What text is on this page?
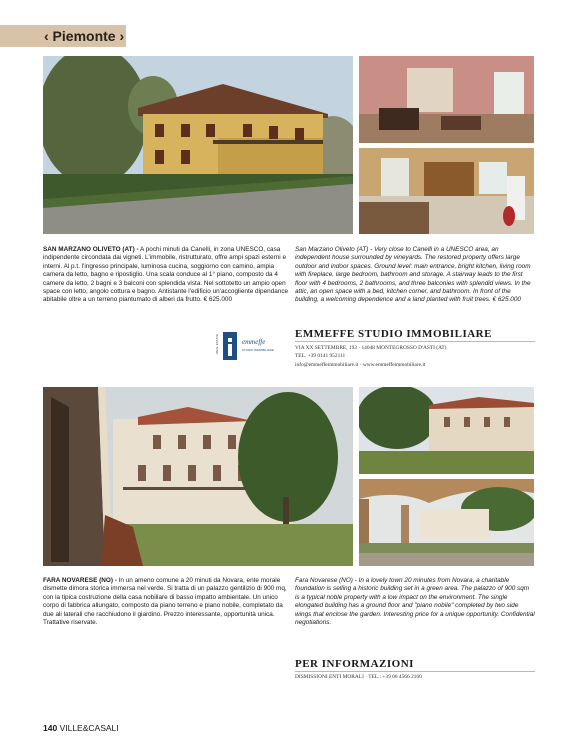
‹ Piemonte ›
SAN MARZANO OLIVETO (AT) - A pochi minuti da Canelli, in zona UNESCO, casa indipendente circondata dai vigneti. L'immobile, ristrutturato, offre ampi spazi esterni e interni. Al p.t. l'ingresso principale, luminosa cucina, soggiorno con camino, ampia camera da letto, bagno e ripostiglio. Una scala conduce al 1° piano, composto da 4 camere da letto, 2 bagni e 3 balconi con splendida vista. Nel sottotetto un ampio open space con letto, angolo cottura e bagno. Antistante l'edificio un'accogliente dipendance abitabile oltre a un terreno piantumato di alberi da frutto. € 625.000
San Marzano Oliveto (AT) - Very close to Canelli in a UNESCO area, an independent house surrounded by vineyards. The restored property offers large outdoor and indoor spaces. Ground level: main entrance, bright kitchen, living room with fireplace, large bedroom, bathroom and storage. A stairway leads to the first floor with 4 bedrooms, 2 bathrooms, and three balconies with splendid views. In the attic, an open space with a bed, kitchen corner, and bathroom. In front of the building, a welcoming dependence and a land planted with fruit trees. € 625.000
REAL ESTATE	emmeffe
STUDIO IMMOBILIARE
EMMEFFE STUDIO IMMOBILIARE
VIA XX SETTEMBRE, 193 · 14048 MONTEGROSSO D'ASTI (AT)
TEL. +39 0141 952111
info@emmeffeimmobiliare.it · www.emmeffeimmobiliare.it
FARA NOVARESE (NO) - In un ameno comune a 20 minuti da Novara, ente morale dismette dimora storica immersa nel verde. Si tratta di un palazzo gentilizio di 900 mq, con la tipica costruzione della casa nobiliare di basso impatto ambientale. Un unico corpo di fabbrica allungato, composto da piano terreno e piano nobile, completato da due ali laterali che racchiudono il giardino. Prezzo interessante, opportunità unica. Trattative riservate.
Fara Novarese (NO) - In a lovely town 20 minutes from Novara, a charitable foundation is selling a historic building set in a green area. The palazzo of 900 sqm is a typical noble property with a low impact on the environment. The single elongated building has a ground floor and "piano nobile" completed by two side wings that enclose the garden. Interesting price for a unique opportunity. Confidential negotiations.
PER INFORMAZIONI
DISMISSIONI ENTI MORALI · TEL.: +39 06 4566 2160
140 VILLE&CASALI
